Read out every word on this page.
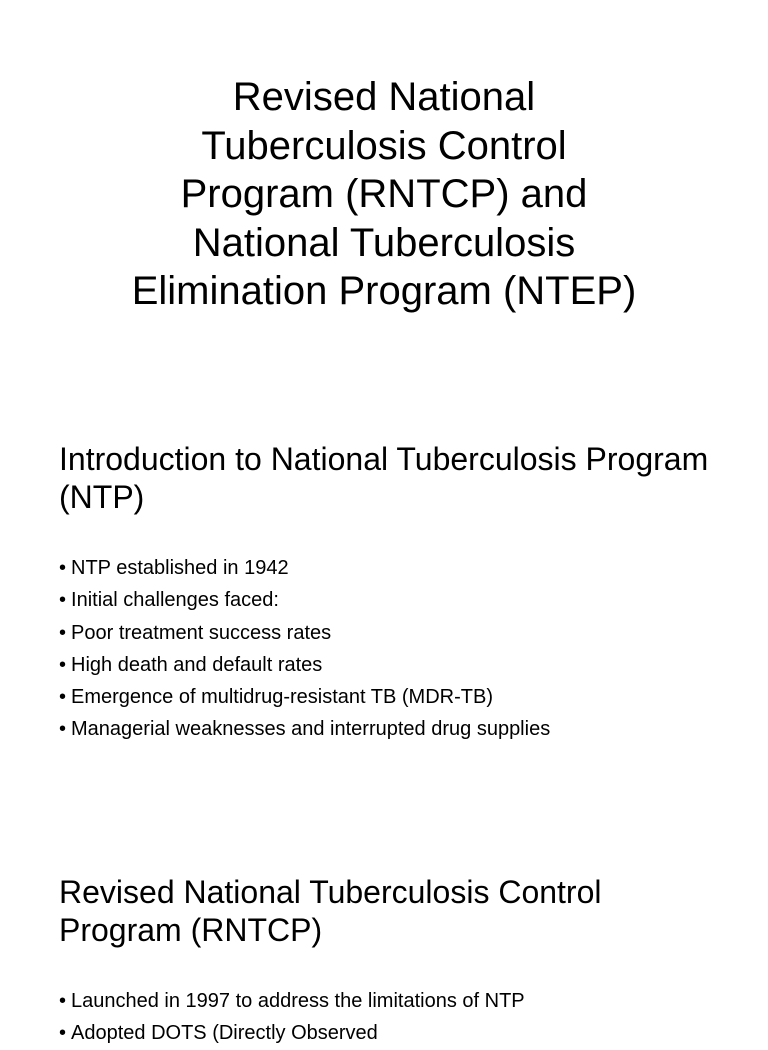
Revised National Tuberculosis Control Program (RNTCP) and National Tuberculosis Elimination Program (NTEP)
Introduction to National Tuberculosis Program (NTP)
• NTP established in 1942
• Initial challenges faced:
• Poor treatment success rates
• High death and default rates
• Emergence of multidrug-resistant TB (MDR-TB)
• Managerial weaknesses and interrupted drug supplies
Revised National Tuberculosis Control Program (RNTCP)
• Launched in 1997 to address the limitations of NTP
• Adopted DOTS (Directly Observed
